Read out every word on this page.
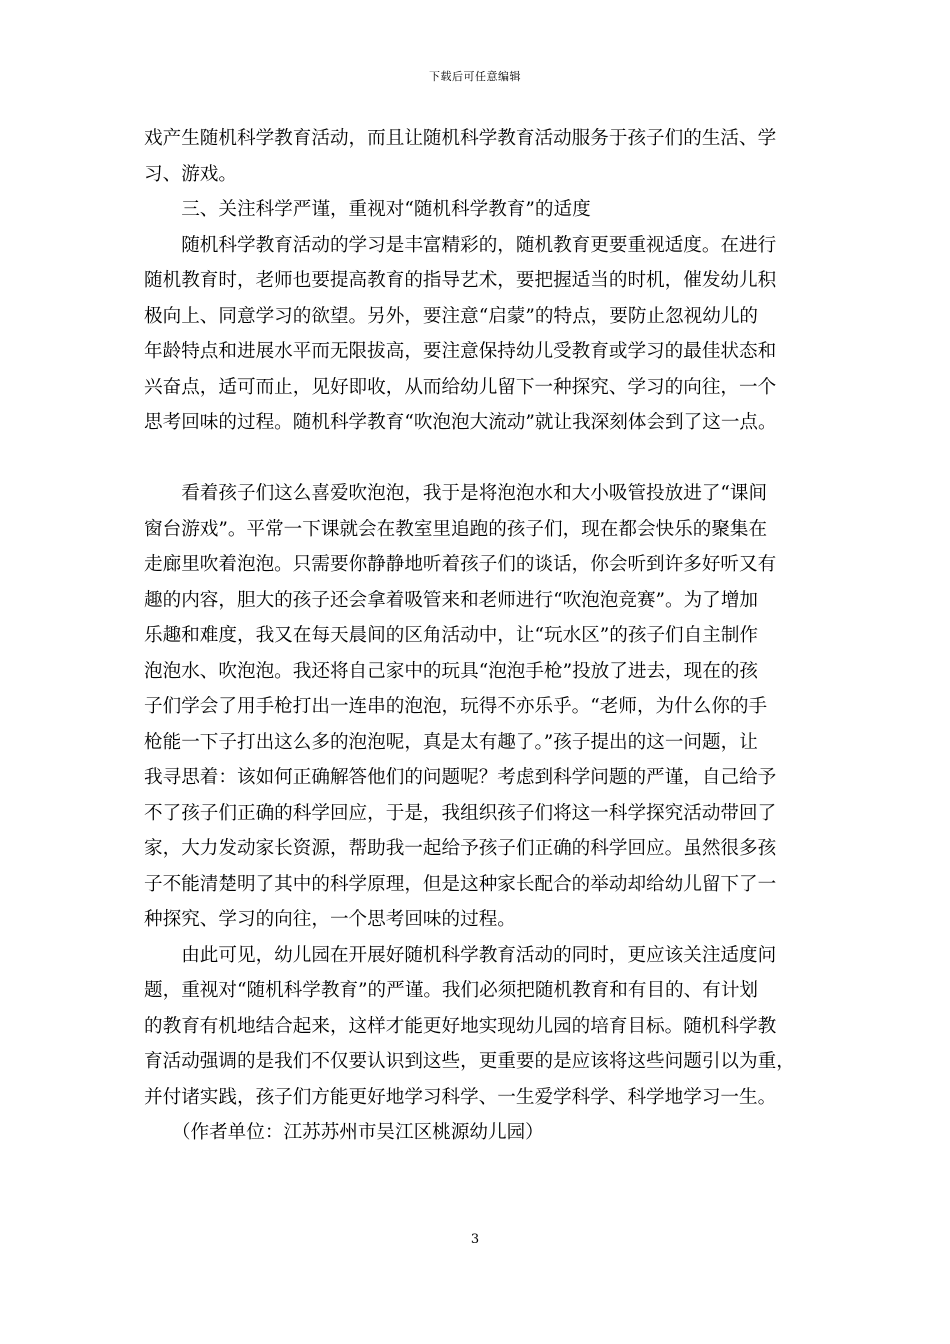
下载后可任意编辑
戏产生随机科学教育活动，而且让随机科学教育活动服务于孩子们的生活、学
习、游戏。
　　三、关注科学严谨，重视对“随机科学教育”的适度
　　随机科学教育活动的学习是丰富精彩的，随机教育更要重视适度。在进行
随机教育时，老师也要提高教育的指导艺术，要把握适当的时机，催发幼儿积
极向上、同意学习的欲望。另外，要注意“启蒙”的特点，要防止忽视幼儿的
年龄特点和进展水平而无限拔高，要注意保持幼儿受教育或学习的最佳状态和
兴奋点，适可而止，见好即收，从而给幼儿留下一种探究、学习的向往，一个
思考回味的过程。随机科学教育“吹泡泡大流动”就让我深刻体会到了这一点。
　　看着孩子们这么喜爱吹泡泡，我于是将泡泡水和大小吸管投放进了“课间
窗台游戏”。平常一下课就会在教室里追跑的孩子们，现在都会快乐的聚集在
走廊里吹着泡泡。只需要你静静地听着孩子们的谈话，你会听到许多好听又有
趣的内容，胆大的孩子还会拿着吸管来和老师进行“吹泡泡竞赛”。为了增加
乐趣和难度，我又在每天晨间的区角活动中，让“玩水区”的孩子们自主制作
泡泡水、吹泡泡。我还将自己家中的玩具“泡泡手枪”投放了进去，现在的孩
子们学会了用手枪打出一连串的泡泡，玩得不亦乐乎。“老师，为什么你的手
枪能一下子打出这么多的泡泡呢，真是太有趣了。”孩子提出的这一问题，让
我寻思着：该如何正确解答他们的问题呢？考虑到科学问题的严谨，自己给予
不了孩子们正确的科学回应，于是，我组织孩子们将这一科学探究活动带回了
家，大力发动家长资源，帮助我一起给予孩子们正确的科学回应。虽然很多孩
子不能清楚明了其中的科学原理，但是这种家长配合的举动却给幼儿留下了一
种探究、学习的向往，一个思考回味的过程。
　　由此可见，幼儿园在开展好随机科学教育活动的同时，更应该关注适度问
题，重视对“随机科学教育”的严谨。我们必须把随机教育和有目的、有计划
的教育有机地结合起来，这样才能更好地实现幼儿园的培育目标。随机科学教
育活动强调的是我们不仅要认识到这些，更重要的是应该将这些问题引以为重，
并付诸实践，孩子们方能更好地学习科学、一生爱学科学、科学地学习一生。
　　（作者单位：江苏苏州市吴江区桃源幼儿园）
3
